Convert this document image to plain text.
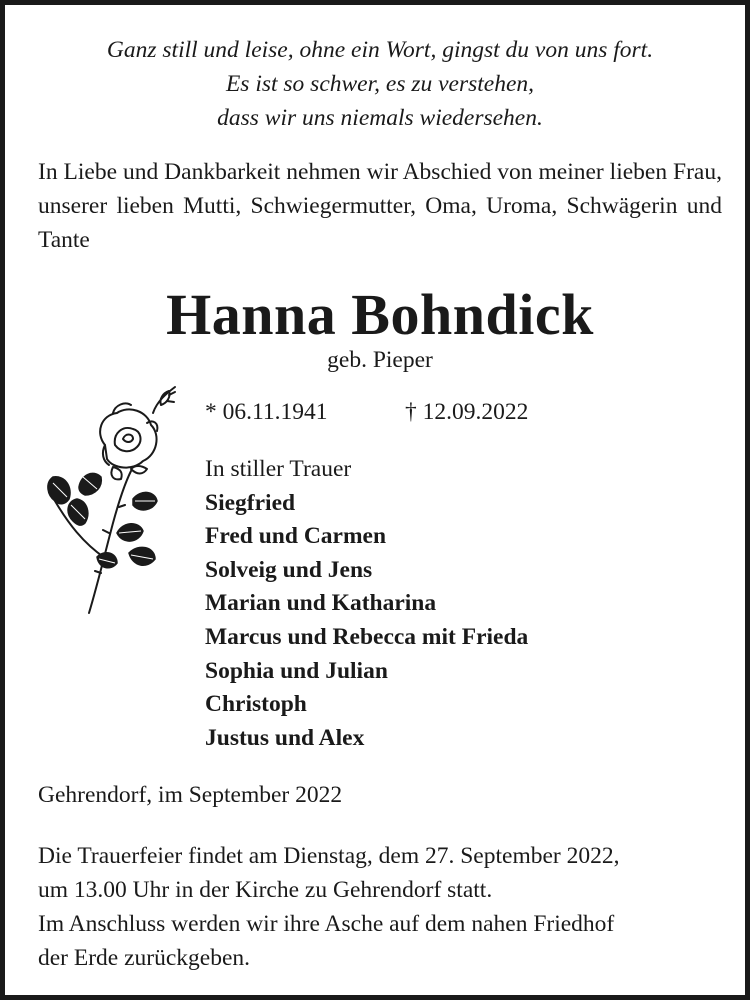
Ganz still und leise, ohne ein Wort, gingst du von uns fort.
Es ist so schwer, es zu verstehen,
dass wir uns niemals wiedersehen.
In Liebe und Dankbarkeit nehmen wir Abschied von meiner lieben Frau, unserer lieben Mutti, Schwiegermutter, Oma, Uroma, Schwägerin und Tante
Hanna Bohndick
geb. Pieper
* 06.11.1941	† 12.09.2022
In stiller Trauer
Siegfried
Fred und Carmen
Solveig und Jens
Marian und Katharina
Marcus und Rebecca mit Frieda
Sophia und Julian
Christoph
Justus und Alex
Gehrendorf, im September 2022
Die Trauerfeier findet am Dienstag, dem 27. September 2022,
um 13.00 Uhr in der Kirche zu Gehrendorf statt.
Im Anschluss werden wir ihre Asche auf dem nahen Friedhof
der Erde zurückgeben.
